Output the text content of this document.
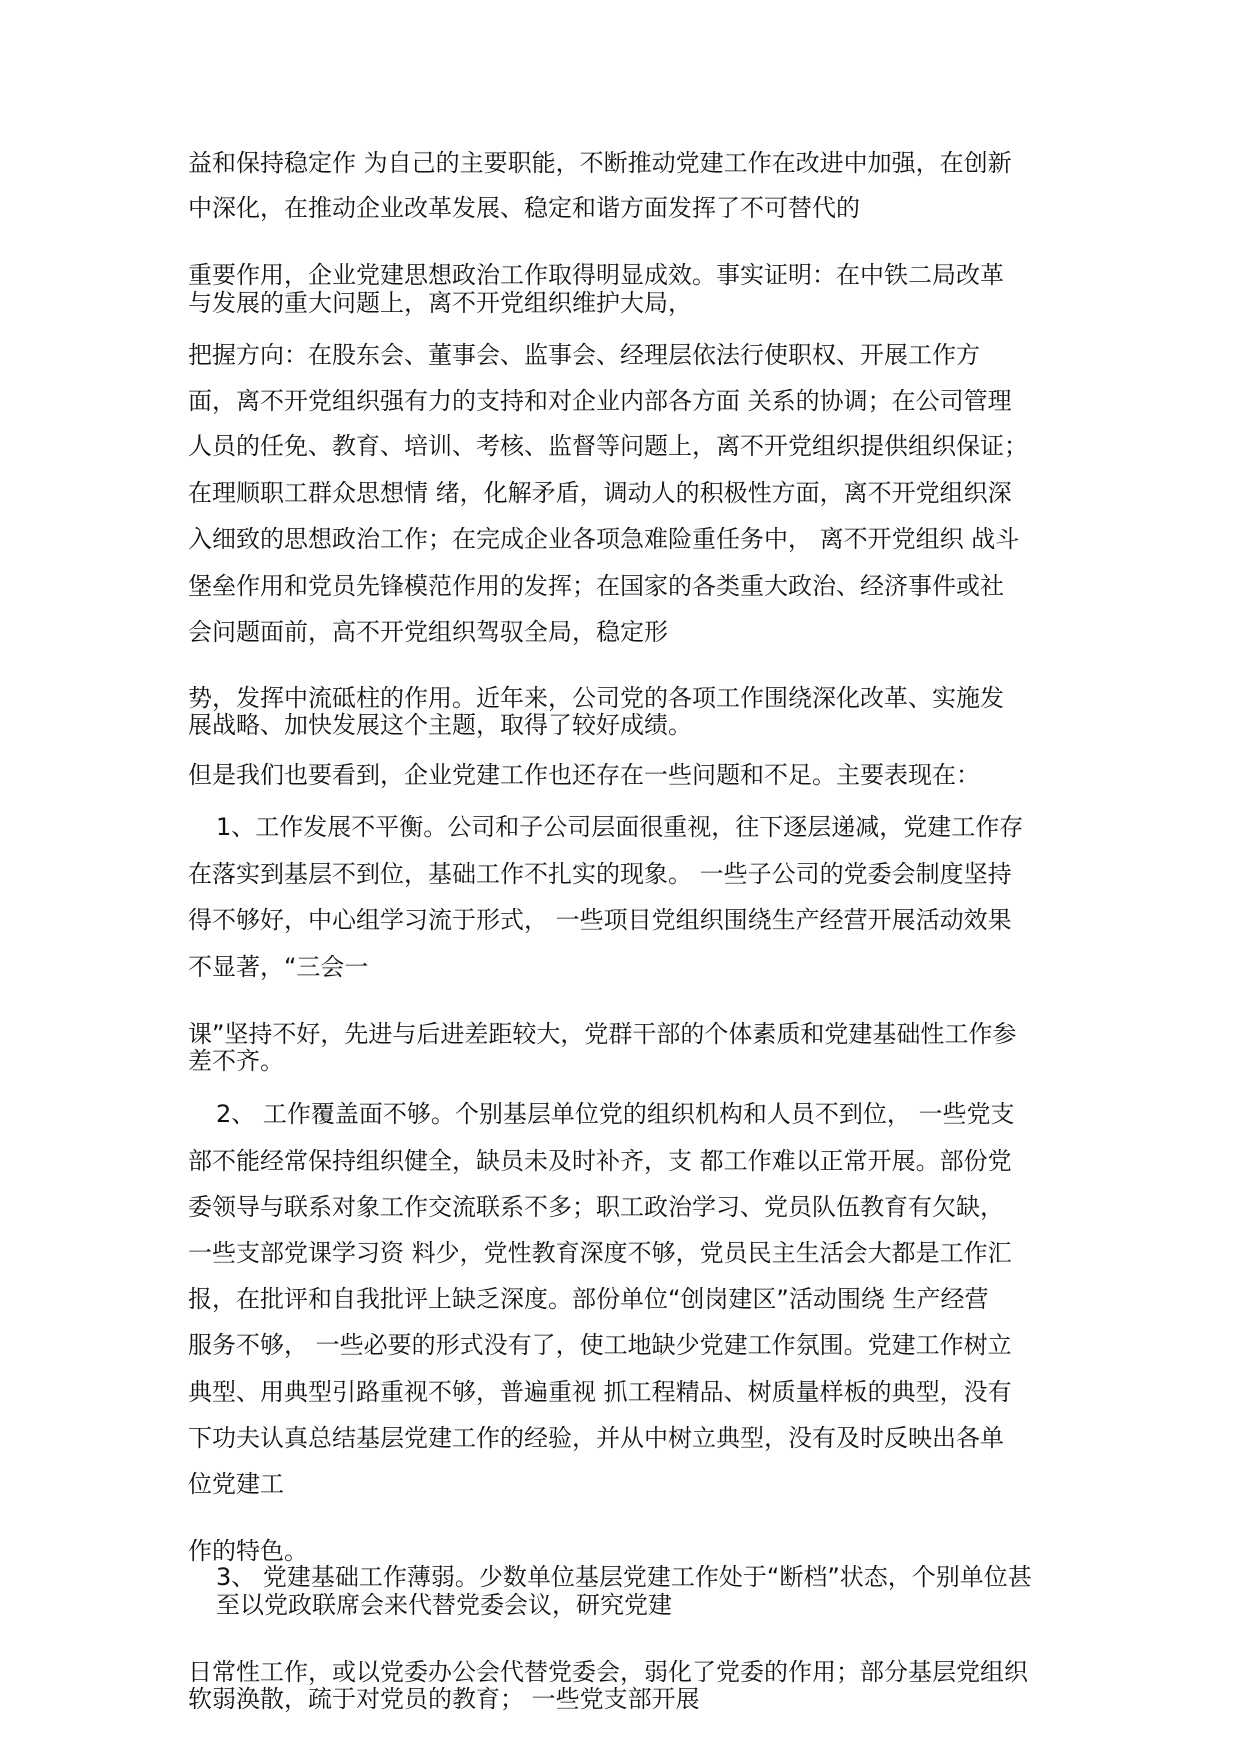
益和保持稳定作 为自己的主要职能，不断推动党建工作在改进中加强，在创新
中深化，在推动企业改革发展、稳定和谐方面发挥了不可替代的
重要作用，企业党建思想政治工作取得明显成效。事实证明：在中铁二局改革
与发展的重大问题上，离不开党组织维护大局，
把握方向：在股东会、董事会、监事会、经理层依法行使职权、开展工作方
面，离不开党组织强有力的支持和对企业内部各方面 关系的协调；在公司管理
人员的任免、教育、培训、考核、监督等问题上，离不开党组织提供组织保证；
在理顺职工群众思想情 绪，化解矛盾，调动人的积极性方面，离不开党组织深
入细致的思想政治工作；在完成企业各项急难险重任务中， 离不开党组织 战斗
堡垒作用和党员先锋模范作用的发挥；在国家的各类重大政治、经济事件或社
会问题面前，高不开党组织驾驭全局，稳定形
势，发挥中流砥柱的作用。近年来，公司党的各项工作围绕深化改革、实施发
展战略、加快发展这个主题，取得了较好成绩。
但是我们也要看到，企业党建工作也还存在一些问题和不足。主要表现在：
1、工作发展不平衡。公司和子公司层面很重视，往下逐层递减，党建工作存
在落实到基层不到位，基础工作不扎实的现象。 一些子公司的党委会制度坚持
得不够好，中心组学习流于形式， 一些项目党组织围绕生产经营开展活动效果
不显著，“三会一
课”坚持不好，先进与后进差距较大，党群干部的个体素质和党建基础性工作参
差不齐。
2、 工作覆盖面不够。个别基层单位党的组织机构和人员不到位， 一些党支
部不能经常保持组织健全，缺员未及时补齐，支 都工作难以正常开展。部份党
委领导与联系对象工作交流联系不多；职工政治学习、党员队伍教育有欠缺，
一些支部党课学习资 料少，党性教育深度不够，党员民主生活会大都是工作汇
报，在批评和自我批评上缺乏深度。部份单位“创岗建区”活动围绕 生产经营
服务不够， 一些必要的形式没有了，使工地缺少党建工作氛围。党建工作树立
典型、用典型引路重视不够，普遍重视 抓工程精品、树质量样板的典型，没有
下功夫认真总结基层党建工作的经验，并从中树立典型，没有及时反映出各单
位党建工
作的特色。
3、 党建基础工作薄弱。少数单位基层党建工作处于“断档”状态，个别单位甚
至以党政联席会来代替党委会议，研究党建
日常性工作，或以党委办公会代替党委会，弱化了党委的作用；部分基层党组织
软弱涣散，疏于对党员的教育； 一些党支部开展
